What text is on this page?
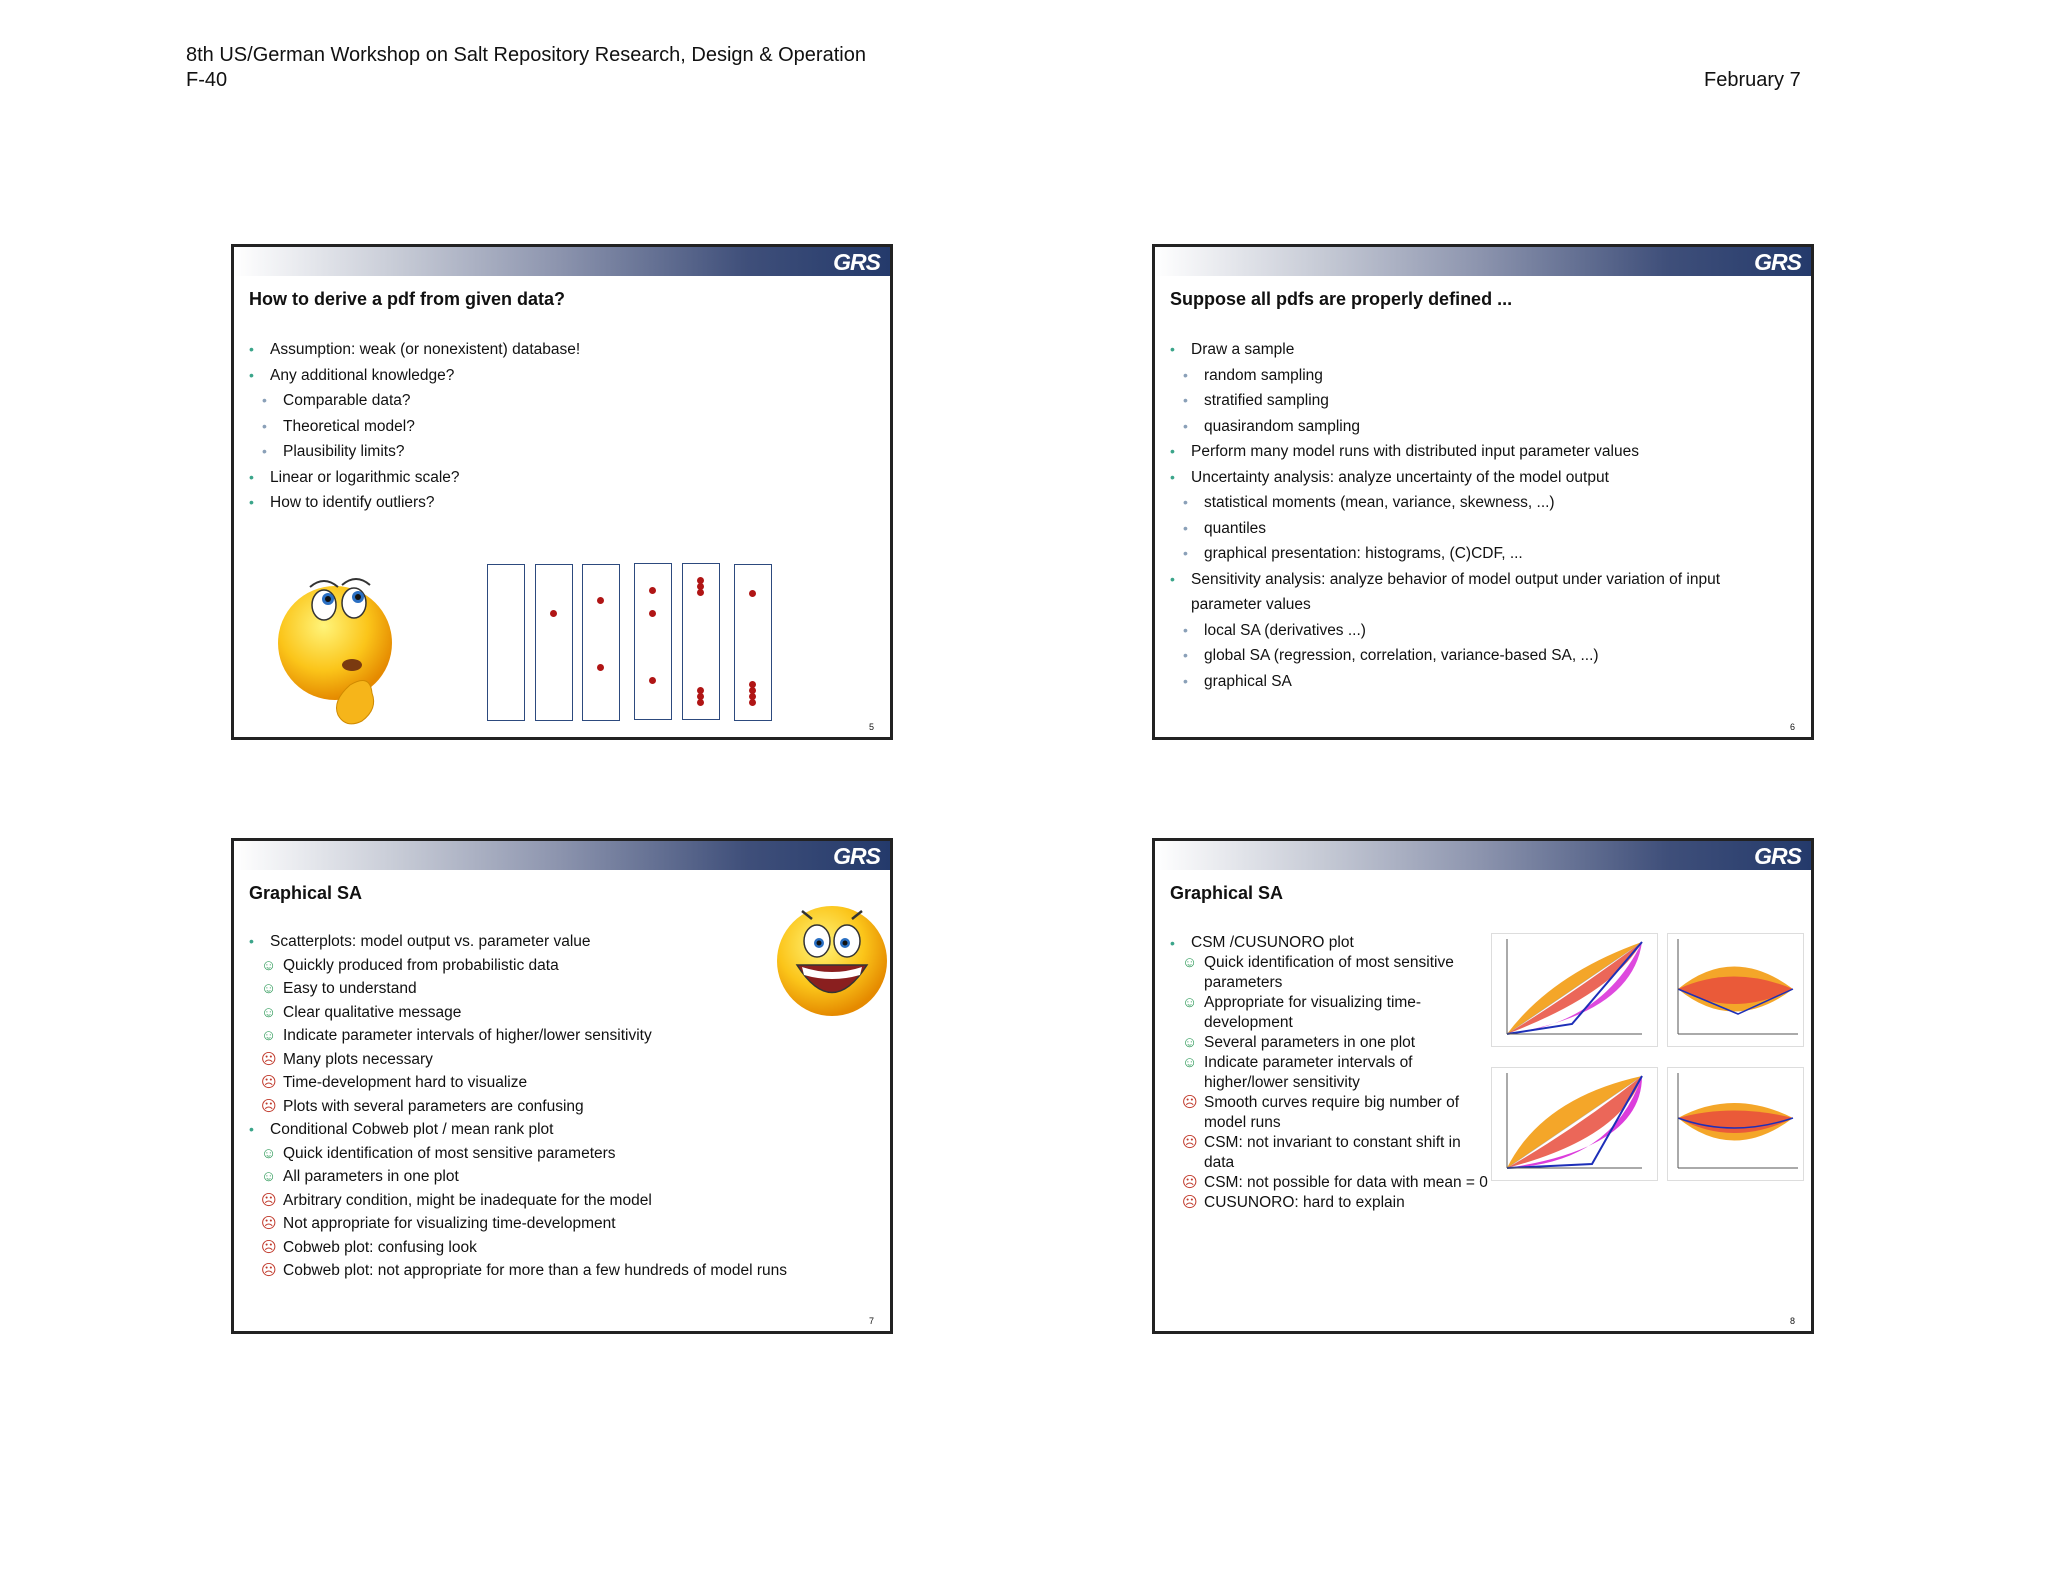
8th US/German Workshop on Salt Repository Research, Design & Operation
F-40	February 7
GRS
How to derive a pdf from given data?
• Assumption: weak (or nonexistent) database!
• Any additional knowledge?
• Comparable data?
• Theoretical model?
• Plausibility limits?
• Linear or logarithmic scale?
• How to identify outliers?
5
GRS
Suppose all pdfs are properly defined ...
• Draw a sample
• random sampling
• stratified sampling
• quasirandom sampling
• Perform many model runs with distributed input parameter values
• Uncertainty analysis: analyze uncertainty of the model output
• statistical moments (mean, variance, skewness, ...)
• quantiles
• graphical presentation: histograms, (C)CDF, ...
• Sensitivity analysis: analyze behavior of model output under variation of input parameter values
• local SA (derivatives ...)
• global SA (regression, correlation, variance-based SA, ...)
• graphical SA
6
GRS
Graphical SA
• Scatterplots: model output vs. parameter value
☺ Quickly produced from probabilistic data
☺ Easy to understand
☺ Clear qualitative message
☺ Indicate parameter intervals of higher/lower sensitivity
☹ Many plots necessary
☹ Time-development hard to visualize
☹ Plots with several parameters are confusing
• Conditional Cobweb plot / mean rank plot
☺ Quick identification of most sensitive parameters
☺ All parameters in one plot
☹ Arbitrary condition, might be inadequate for the model
☹ Not appropriate for visualizing time-development
☹ Cobweb plot: confusing look
☹ Cobweb plot: not appropriate for more than a few hundreds of model runs
7
GRS
Graphical SA
• CSM /CUSUNORO plot
☺ Quick identification of most sensitive parameters
☺ Appropriate for visualizing time-development
☺ Several parameters in one plot
☺ Indicate parameter intervals of higher/lower sensitivity
☹ Smooth curves require big number of model runs
☹ CSM: not invariant to constant shift in data
☹ CSM: not possible for data with mean = 0
☹ CUSUNORO: hard to explain
8
